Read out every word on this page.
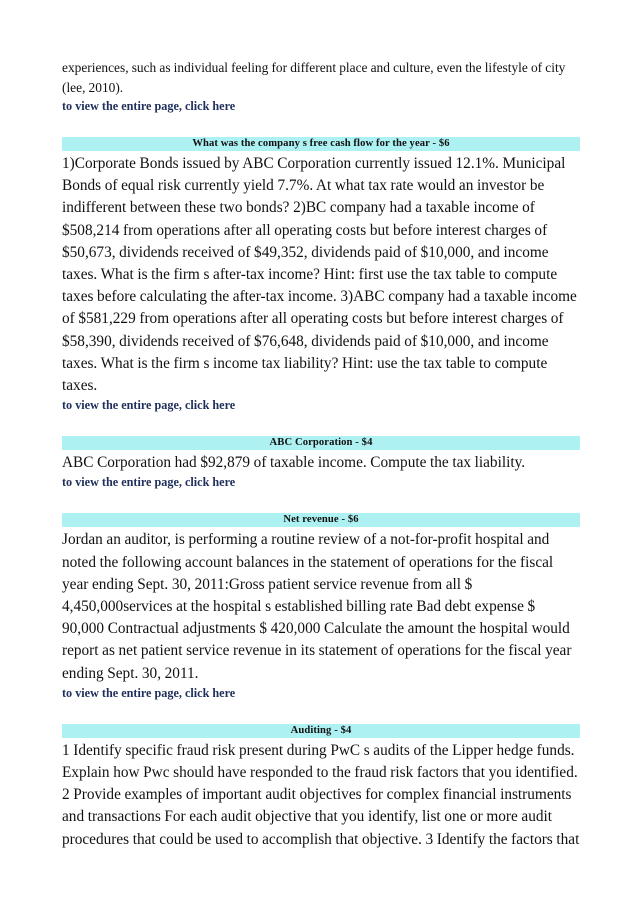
experiences, such as individual feeling for different place and culture, even the lifestyle of city (lee, 2010).

to view the entire page, click here
What was the company s free cash flow for the year - $6

1)Corporate Bonds issued by ABC Corporation currently issued 12.1%. Municipal Bonds of equal risk currently yield 7.7%. At what tax rate would an investor be indifferent between these two bonds? 2)BC company had a taxable income of $508,214 from operations after all operating costs but before interest charges of $50,673, dividends received of $49,352, dividends paid of $10,000, and income taxes. What is the firm s after-tax income? Hint: first use the tax table to compute taxes before calculating the after-tax income. 3)ABC company had a taxable income of $581,229 from operations after all operating costs but before interest charges of $58,390, dividends received of $76,648, dividends paid of $10,000, and income taxes. What is the firm s income tax liability? Hint: use the tax table to compute taxes.

to view the entire page, click here
ABC Corporation - $4

ABC Corporation had $92,879 of taxable income. Compute the tax liability.

to view the entire page, click here
Net revenue - $6

Jordan an auditor, is performing a routine review of a not-for-profit hospital and noted the following account balances in the statement of operations for the fiscal year ending Sept. 30, 2011:Gross patient service revenue from all $ 4,450,000services at the hospital s established billing rate Bad debt expense $ 90,000 Contractual adjustments $ 420,000 Calculate the amount the hospital would report as net patient service revenue in its statement of operations for the fiscal year ending Sept. 30, 2011.

to view the entire page, click here
Auditing - $4

1 Identify specific fraud risk present during PwC s audits of the Lipper hedge funds. Explain how Pwc should have responded to the fraud risk factors that you identified. 2 Provide examples of important audit objectives for complex financial instruments and transactions For each audit objective that you identify, list one or more audit procedures that could be used to accomplish that objective. 3 Identify the factors that
